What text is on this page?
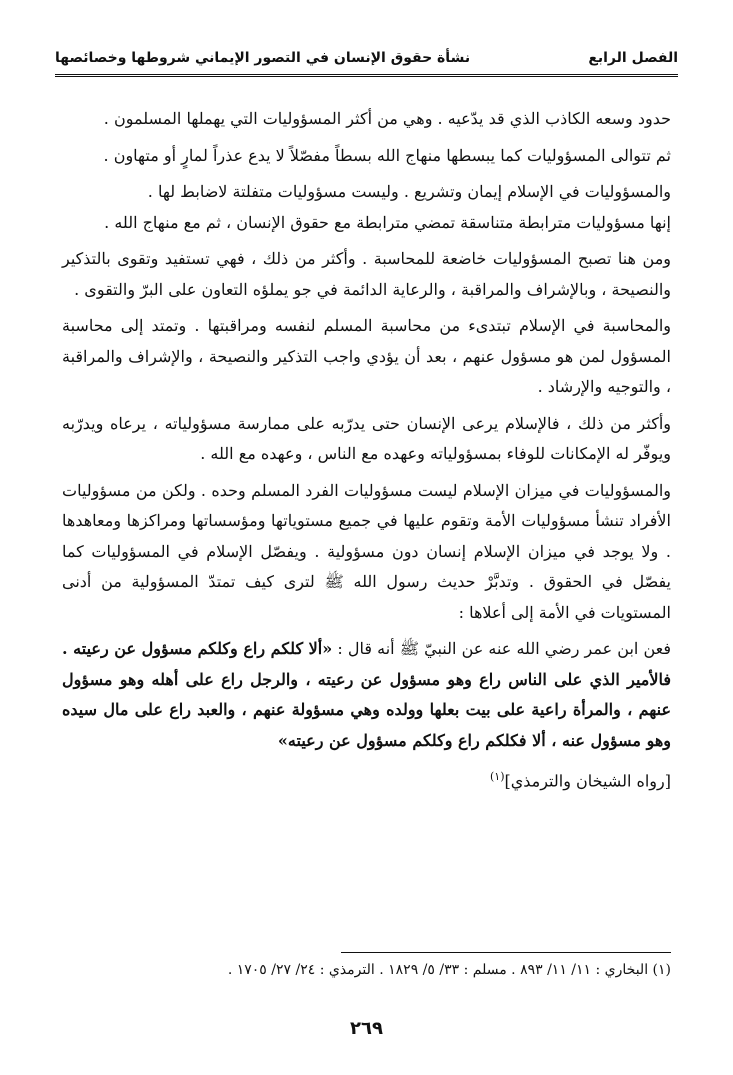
الفصل الرابع
نشأة حقوق الإنسان في التصور الإيماني شروطها وخصائصها

حدود وسعه الكاذب الذي قد يدّعيه . وهي من أكثر المسؤوليات التي يهملها المسلمون .

ثم تتوالى المسؤوليات كما يبسطها منهاج الله بسطاً مفصّلاً لا يدع عذراً لمارٍ أو متهاون .

والمسؤوليات في الإسلام إيمان وتشريع . وليست مسؤوليات متفلتة لاضابط لها .

إنها مسؤوليات مترابطة متناسقة تمضي مترابطة مع حقوق الإنسان ، ثم مع منهاج الله .

ومن هنا تصبح المسؤوليات خاضعة للمحاسبة . وأكثر من ذلك ، فهي تستفيد وتقوى بالتذكير والنصيحة ، وبالإشراف والمراقبة ، والرعاية الدائمة في جو يملؤه التعاون على البرّ والتقوى .

والمحاسبة في الإسلام تبتدىء من محاسبة المسلم لنفسه ومراقبتها . وتمتد إلى محاسبة المسؤول لمن هو مسؤول عنهم ، بعد أن يؤدي واجب التذكير والنصيحة ، والإشراف والمراقبة ، والتوجيه والإرشاد .

وأكثر من ذلك ، فالإسلام يرعى الإنسان حتى يدرّبه على ممارسة مسؤولياته ، يرعاه ويدرّبه ويوفّر له الإمكانات للوفاء بمسؤولياته وعهده مع الناس ، وعهده مع الله .

والمسؤوليات في ميزان الإسلام ليست مسؤوليات الفرد المسلم وحده . ولكن من مسؤوليات الأفراد تنشأ مسؤوليات الأمة وتقوم عليها في جميع مستوياتها ومؤسساتها ومراكزها ومعاهدها . ولا يوجد في ميزان الإسلام إنسان دون مسؤولية . ويفصّل الإسلام في المسؤوليات كما يفصّل في الحقوق . وتدبَّرْ حديث رسول الله ﷺ لترى كيف تمتدّ المسؤولية من أدنى المستويات في الأمة إلى أعلاها :

فعن ابن عمر رضي الله عنه عن النبيّ ﷺ أنه قال : «ألا كلكم راع وكلكم مسؤول عن رعيته . فالأمير الذي على الناس راع وهو مسؤول عن رعيته ، والرجل راع على أهله وهو مسؤول عنهم ، والمرأة راعية على بيت بعلها وولده وهي مسؤولة عنهم ، والعبد راع على مال سيده وهو مسؤول عنه ، ألا فكلكم راع وكلكم مسؤول عن رعيته»

[رواه الشيخان والترمذي]$^{(١)}$

(١) البخاري : ١١/ ١١/ ٨٩٣ . مسلم : ٣٣/ ٥/ ١٨٢٩ . الترمذي : ٢٤/ ٢٧/ ١٧٠٥ .
٢٦٩
